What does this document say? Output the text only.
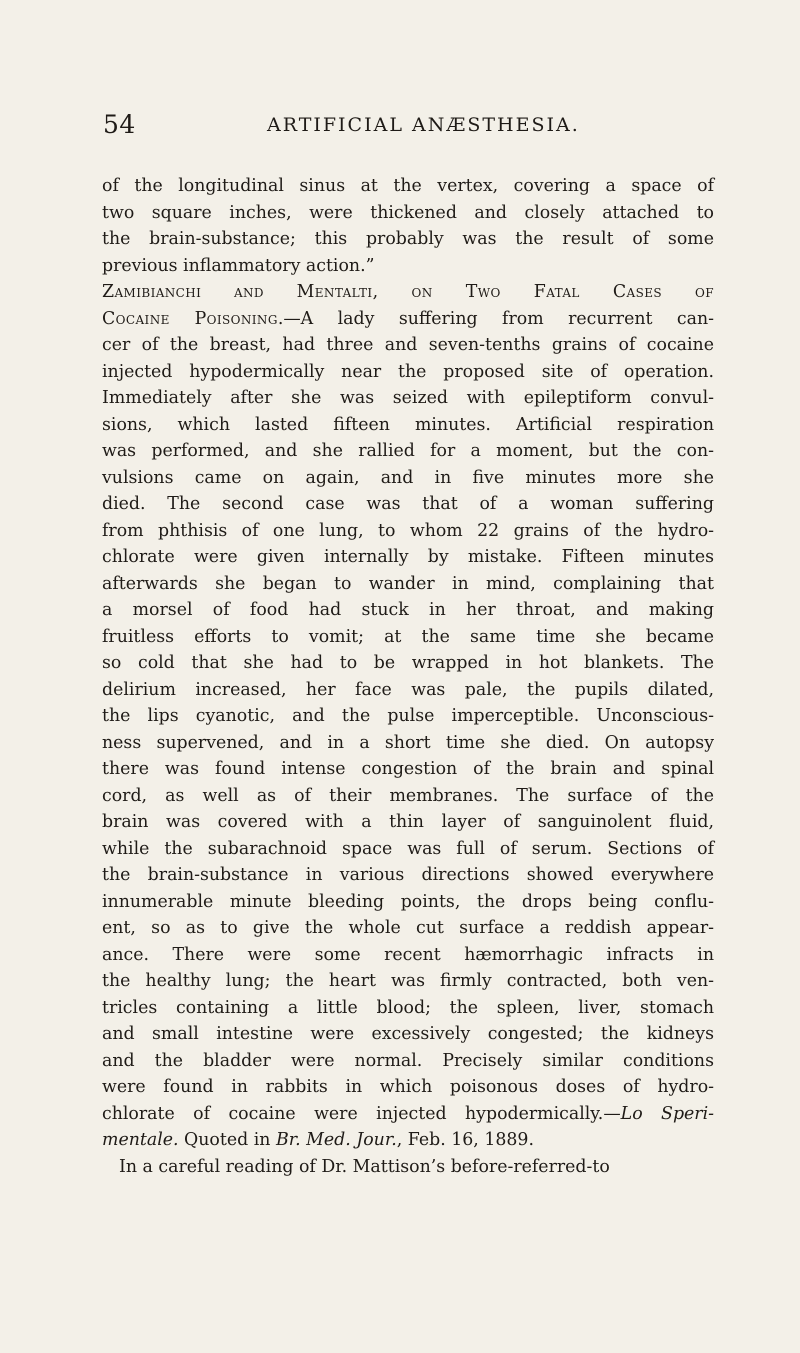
54	ARTIFICIAL ANÆSTHESIA.
of the longitudinal sinus at the vertex, covering a space of
two square inches, were thickened and closely attached to
the brain-substance; this probably was the result of some
previous inflammatory action.”
Zamibianchi and Mentalti, on Two Fatal Cases of
Cocaine Poisoning.—A lady suffering from recurrent can-
cer of the breast, had three and seven-tenths grains of cocaine
injected hypodermically near the proposed site of operation.
Immediately after she was seized with epileptiform convul-
sions, which lasted fifteen minutes. Artificial respiration
was performed, and she rallied for a moment, but the con-
vulsions came on again, and in five minutes more she
died. The second case was that of a woman suffering
from phthisis of one lung, to whom 22 grains of the hydro-
chlorate were given internally by mistake. Fifteen minutes
afterwards she began to wander in mind, complaining that
a morsel of food had stuck in her throat, and making
fruitless efforts to vomit; at the same time she became
so cold that she had to be wrapped in hot blankets. The
delirium increased, her face was pale, the pupils dilated,
the lips cyanotic, and the pulse imperceptible. Unconscious-
ness supervened, and in a short time she died. On autopsy
there was found intense congestion of the brain and spinal
cord, as well as of their membranes. The surface of the
brain was covered with a thin layer of sanguinolent fluid,
while the subarachnoid space was full of serum. Sections of
the brain-substance in various directions showed everywhere
innumerable minute bleeding points, the drops being conflu-
ent, so as to give the whole cut surface a reddish appear-
ance. There were some recent hæmorrhagic infracts in
the healthy lung; the heart was firmly contracted, both ven-
tricles containing a little blood; the spleen, liver, stomach
and small intestine were excessively congested; the kidneys
and the bladder were normal. Precisely similar conditions
were found in rabbits in which poisonous doses of hydro-
chlorate of cocaine were injected hypodermically.—Lo Speri-
mentale. Quoted in Br. Med. Jour., Feb. 16, 1889.
In a careful reading of Dr. Mattison’s before-referred-to
